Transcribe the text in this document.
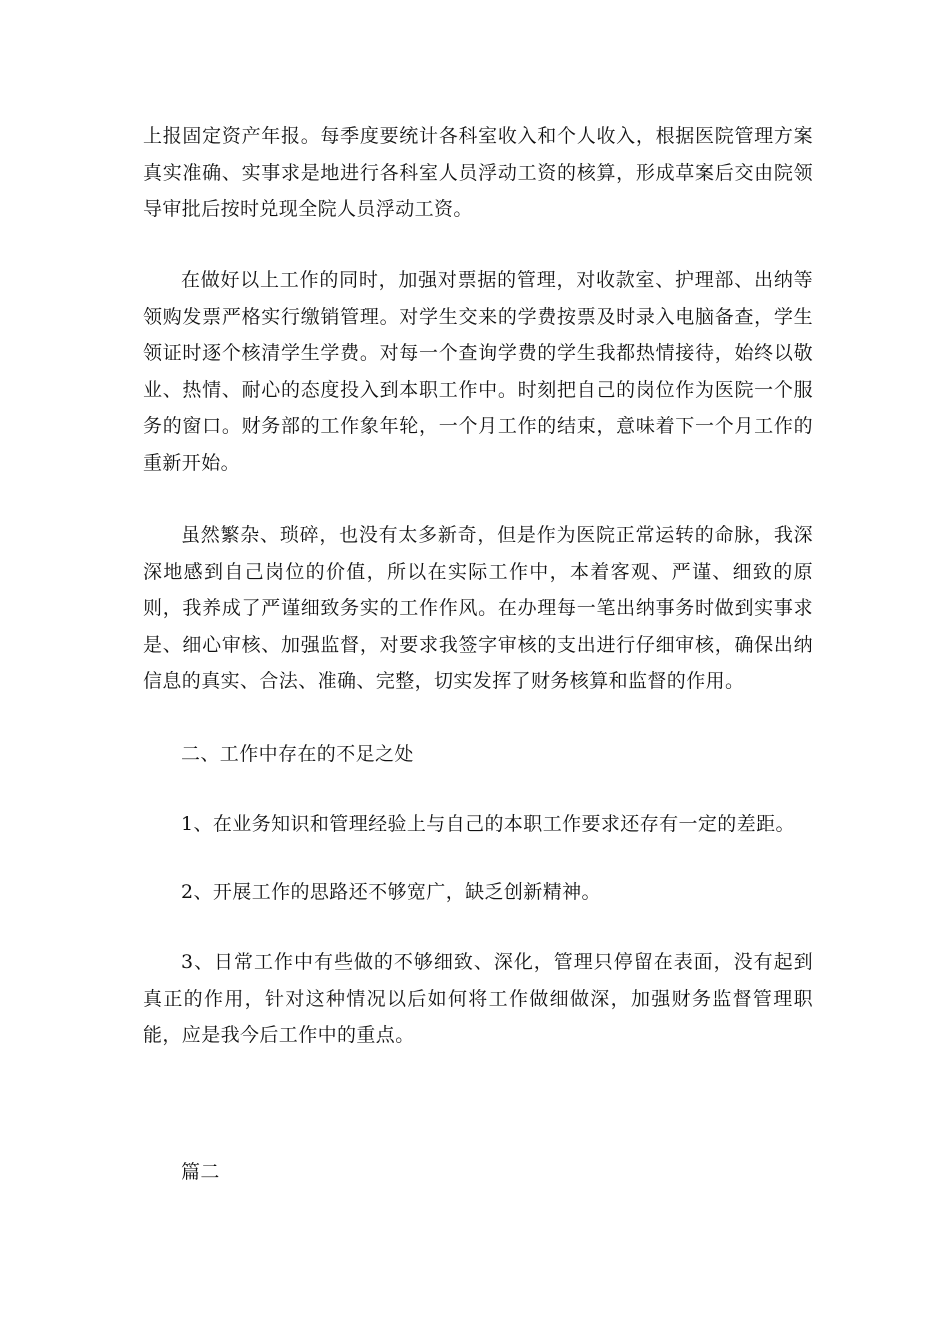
上报固定资产年报。每季度要统计各科室收入和个人收入，根据医院管理方案真实准确、实事求是地进行各科室人员浮动工资的核算，形成草案后交由院领导审批后按时兑现全院人员浮动工资。

在做好以上工作的同时，加强对票据的管理，对收款室、护理部、出纳等领购发票严格实行缴销管理。对学生交来的学费按票及时录入电脑备查，学生领证时逐个核清学生学费。对每一个查询学费的学生我都热情接待，始终以敬业、热情、耐心的态度投入到本职工作中。时刻把自己的岗位作为医院一个服务的窗口。财务部的工作象年轮，一个月工作的结束，意味着下一个月工作的重新开始。

虽然繁杂、琐碎，也没有太多新奇，但是作为医院正常运转的命脉，我深深地感到自己岗位的价值，所以在实际工作中，本着客观、严谨、细致的原则，我养成了严谨细致务实的工作作风。在办理每一笔出纳事务时做到实事求是、细心审核、加强监督，对要求我签字审核的支出进行仔细审核，确保出纳信息的真实、合法、准确、完整，切实发挥了财务核算和监督的作用。

二、工作中存在的不足之处

1、在业务知识和管理经验上与自己的本职工作要求还存有一定的差距。

2、开展工作的思路还不够宽广，缺乏创新精神。

3、日常工作中有些做的不够细致、深化，管理只停留在表面，没有起到真正的作用，针对这种情况以后如何将工作做细做深，加强财务监督管理职能，应是我今后工作中的重点。

篇二
